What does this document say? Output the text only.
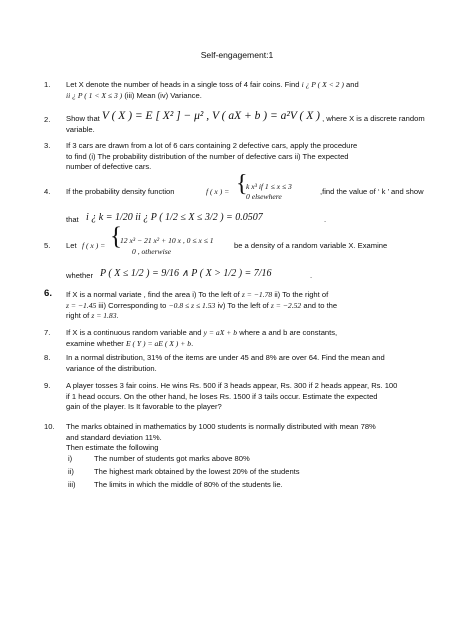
Self-engagement:1
1.	Let X denote the number of heads in a single toss of 4 fair coins. Find i ¿ P ( X < 2 ) and
ii ¿ P ( 1 < X ≤ 3 ) (iii) Mean (iv) Variance.
2.	Show that V ( X ) = E [ X² ] − μ² , V ( aX + b ) = a²V ( X ) , where X is a discrete random
variable.
3.	If 3 cars are drawn from a lot of 6 cars containing 2 defective cars, apply the procedure
to find (i) The probability distribution of the number of defective cars ii) The expected
number of defective cars.
4.	If the probability density function	f ( x ) = {
k x³ if 1 ≤ x ≤ 3
0 elsewhere
,find the value of ‘ k ’ and show
that i ¿ k = 1/20 ii ¿ P ( 1/2 ≤ X ≤ 3/2 ) = 0.0507	.
5.	Let f ( x ) = {
12 x³ − 21 x² + 10 x , 0 ≤ x ≤ 1
0 , otherwise
be a density of a random variable X. Examine
whether P ( X ≤ 1/2 ) = 9/16 ∧ P ( X > 1/2 ) = 7/16	.
6.	If X is a normal variate , find the area i) To the left of z = −1.78 ii) To the right of
z = −1.45 iii) Corresponding to −0.8 ≤ z ≤ 1.53 iv) To the left of z = −2.52 and to the
right of z = 1.83.
7.	If X is a continuous random variable and y = aX + b where a and b are constants,
examine whether E ( Y ) = aE ( X ) + b.
8.	In a normal distribution, 31% of the items are under 45 and 8% are over 64. Find the mean and
variance of the distribution.
9.	A player tosses 3 fair coins. He wins Rs. 500 if 3 heads appear, Rs. 300 if 2 heads appear, Rs. 100
if 1 head occurs. On the other hand, he loses Rs. 1500 if 3 tails occur. Estimate the expected
gain of the player. Is It favorable to the player?
10.	The marks obtained in mathematics by 1000 students is normally distributed with mean 78%
and standard deviation 11%.
Then estimate the following
i)	The number of students got marks above 80%
ii)	The highest mark obtained by the lowest 20% of the students
iii) The limits in which the middle of 80% of the students lie.
